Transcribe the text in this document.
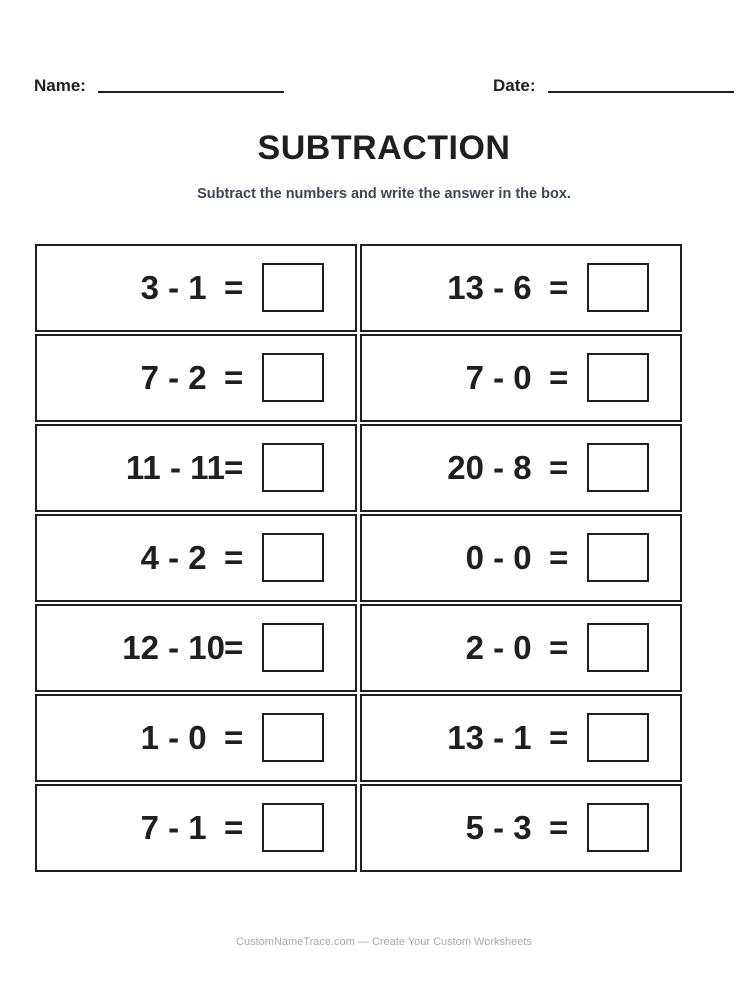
Name:	Date:
SUBTRACTION
Subtract the numbers and write the answer in the box.
3 - 1 =	13 - 6 =
7 - 2 =	7 - 0 =
11 - 11 =	20 - 8 =
4 - 2 =	0 - 0 =
12 - 10 =	2 - 0 =
1 - 0 =	13 - 1 =
7 - 1 =	5 - 3 =
CustomNameTrace.com — Create Your Custom Worksheets
